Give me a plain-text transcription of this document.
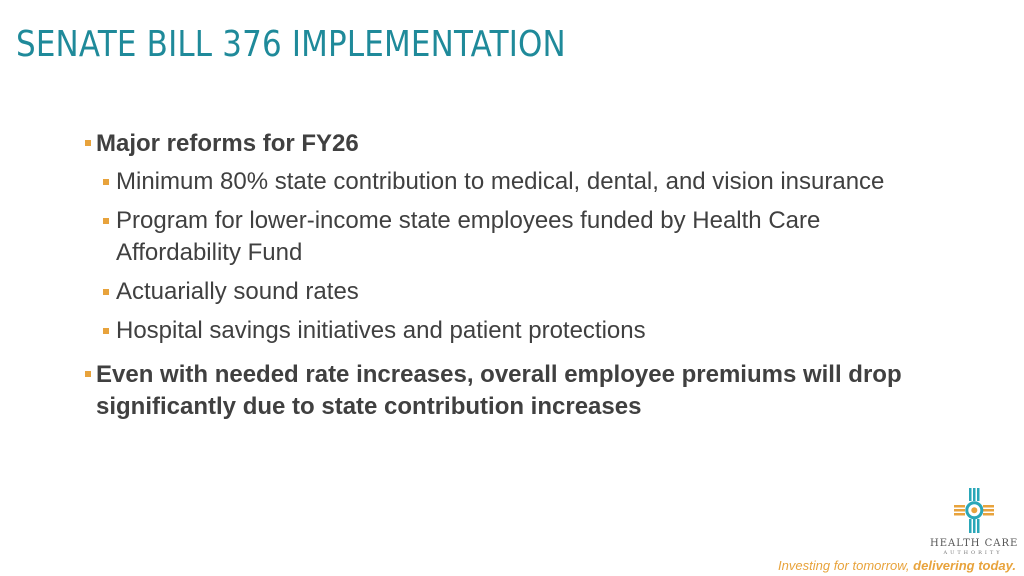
SENATE BILL 376 IMPLEMENTATION
Major reforms for FY26
Minimum 80% state contribution to medical, dental, and vision insurance
Program for lower-income state employees funded by Health Care Affordability Fund
Actuarially sound rates
Hospital savings initiatives and patient protections
Even with needed rate increases, overall employee premiums will drop significantly due to state contribution increases
HEALTH CARE
AUTHORITY
Investing for tomorrow, delivering today.
